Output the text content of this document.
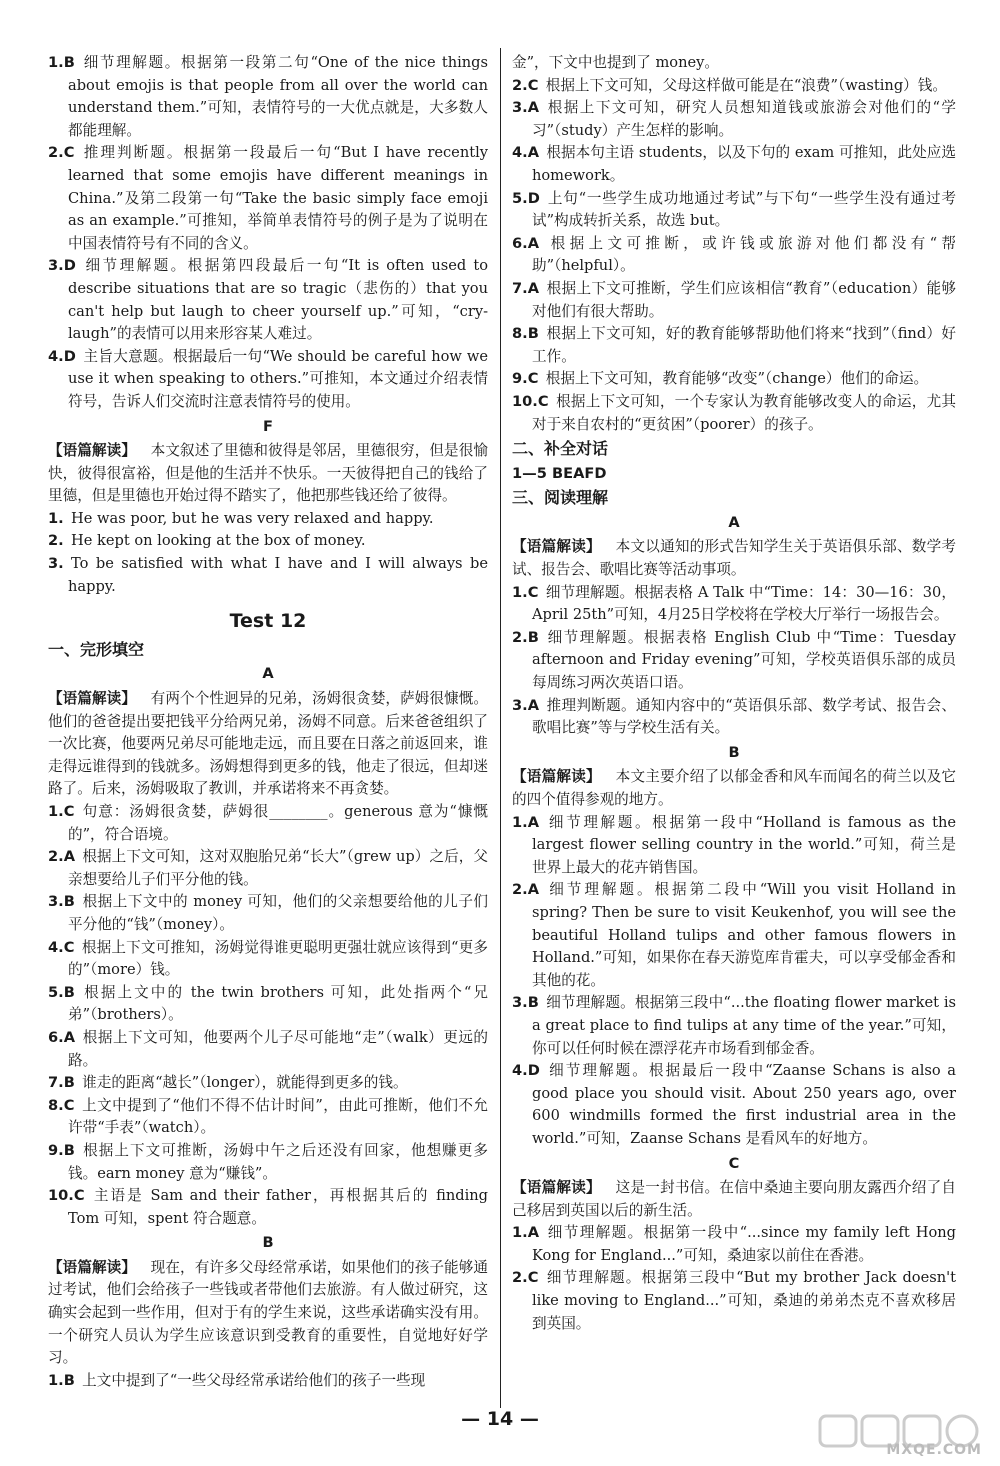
1.B  细节理解题。根据第一段第二句“One of the nice things about emojis is that people from all over the world can understand them.”可知，表情符号的一大优点就是，大多数人都能理解。

2.C  推理判断题。根据第一段最后一句“But I have recently learned that some emojis have different meanings in China.”及第二段第一句“Take the basic simply face emoji as an example.”可推知，举简单表情符号的例子是为了说明在中国表情符号有不同的含义。

3.D  细节理解题。根据第四段最后一句“It is often used to describe situations that are so tragic（悲伤的）that you can't help but laugh to cheer yourself up.”可知，“cry-laugh”的表情可以用来形容某人难过。

4.D  主旨大意题。根据最后一句“We should be careful how we use it when speaking to others.”可推知，本文通过介绍表情符号，告诉人们交流时注意表情符号的使用。

F

【语篇解读】  本文叙述了里德和彼得是邻居，里德很穷，但是很愉快，彼得很富裕，但是他的生活并不快乐。一天彼得把自己的钱给了里德，但是里德也开始过得不踏实了，他把那些钱还给了彼得。

1.  He was poor, but he was very relaxed and happy.

2.  He kept on looking at the box of money.

3.  To be satisfied with what I have and I will always be happy.

Test 12

一、完形填空

A

【语篇解读】  有两个个性迥异的兄弟，汤姆很贪婪，萨姆很慷慨。他们的爸爸提出要把钱平分给两兄弟，汤姆不同意。后来爸爸组织了一次比赛，他要两兄弟尽可能地走远，而且要在日落之前返回来，谁走得远谁得到的钱就多。汤姆想得到更多的钱，他走了很远，但却迷路了。后来，汤姆吸取了教训，并承诺将来不再贪婪。

1.C  句意：汤姆很贪婪，萨姆很________。generous 意为“慷慨的”，符合语境。

2.A  根据上下文可知，这对双胞胎兄弟“长大”（grew up）之后，父亲想要给儿子们平分他的钱。

3.B  根据上下文中的 money 可知，他们的父亲想要给他的儿子们平分他的“钱”（money）。

4.C  根据上下文可推知，汤姆觉得谁更聪明更强壮就应该得到“更多的”（more）钱。

5.B  根据上文中的 the twin brothers 可知，此处指两个“兄弟”（brothers）。

6.A  根据上下文可知，他要两个儿子尽可能地“走”（walk）更远的路。

7.B  谁走的距离“越长”（longer），就能得到更多的钱。

8.C  上文中提到了“他们不得不估计时间”，由此可推断，他们不允许带“手表”（watch）。

9.B  根据上下文可推断，汤姆中午之后还没有回家，他想赚更多钱。earn money 意为“赚钱”。

10.C  主语是 Sam and their father，再根据其后的 finding Tom 可知，spent 符合题意。

B

【语篇解读】  现在，有许多父母经常承诺，如果他们的孩子能够通过考试，他们会给孩子一些钱或者带他们去旅游。有人做过研究，这确实会起到一些作用，但对于有的学生来说，这些承诺确实没有用。一个研究人员认为学生应该意识到受教育的重要性，自觉地好好学习。

1.B  上文中提到了“一些父母经常承诺给他们的孩子一些现

金”，下文中也提到了 money。

2.C  根据上下文可知，父母这样做可能是在“浪费”（wasting）钱。

3.A  根据上下文可知，研究人员想知道钱或旅游会对他们的“学习”（study）产生怎样的影响。

4.A  根据本句主语 students，以及下句的 exam 可推知，此处应选 homework。

5.D  上句“一些学生成功地通过考试”与下句“一些学生没有通过考试”构成转折关系，故选 but。

6.A  根据上文可推断，或许钱或旅游对他们都没有“帮助”（helpful）。

7.A  根据上下文可推断，学生们应该相信“教育”（education）能够对他们有很大帮助。

8.B  根据上下文可知，好的教育能够帮助他们将来“找到”（find）好工作。

9.C  根据上下文可知，教育能够“改变”（change）他们的命运。

10.C  根据上下文可知，一个专家认为教育能够改变人的命运，尤其对于来自农村的“更贫困”（poorer）的孩子。

二、补全对话

1—5 BEAFD

三、阅读理解

A

【语篇解读】  本文以通知的形式告知学生关于英语俱乐部、数学考试、报告会、歌唱比赛等活动事项。

1.C  细节理解题。根据表格 A Talk 中“Time：14：30—16：30，April 25th”可知，4月25日学校将在学校大厅举行一场报告会。

2.B  细节理解题。根据表格 English Club 中“Time：Tuesday afternoon and Friday evening”可知，学校英语俱乐部的成员每周练习两次英语口语。

3.A  推理判断题。通知内容中的“英语俱乐部、数学考试、报告会、歌唱比赛”等与学校生活有关。

B

【语篇解读】  本文主要介绍了以郁金香和风车而闻名的荷兰以及它的四个值得参观的地方。

1.A  细节理解题。根据第一段中“Holland is famous as the largest flower selling country in the world.”可知，荷兰是世界上最大的花卉销售国。

2.A  细节理解题。根据第二段中“Will you visit Holland in spring? Then be sure to visit Keukenhof, you will see the beautiful Holland tulips and other famous flowers in Holland.”可知，如果你在春天游览库肯霍夫，可以享受郁金香和其他的花。

3.B  细节理解题。根据第三段中“...the floating flower market is a great place to find tulips at any time of the year.”可知，你可以任何时候在漂浮花卉市场看到郁金香。

4.D  细节理解题。根据最后一段中“Zaanse Schans is also a good place you should visit. About 250 years ago, over 600 windmills formed the first industrial area in the world.”可知，Zaanse Schans 是看风车的好地方。

C

【语篇解读】  这是一封书信。在信中桑迪主要向朋友露西介绍了自己移居到英国以后的新生活。

1.A  细节理解题。根据第一段中“...since my family left Hong Kong for England...”可知，桑迪家以前住在香港。

2.C  细节理解题。根据第三段中“But my brother Jack doesn't like moving to England...”可知，桑迪的弟弟杰克不喜欢移居到英国。

— 14 —
MXQE.COM
